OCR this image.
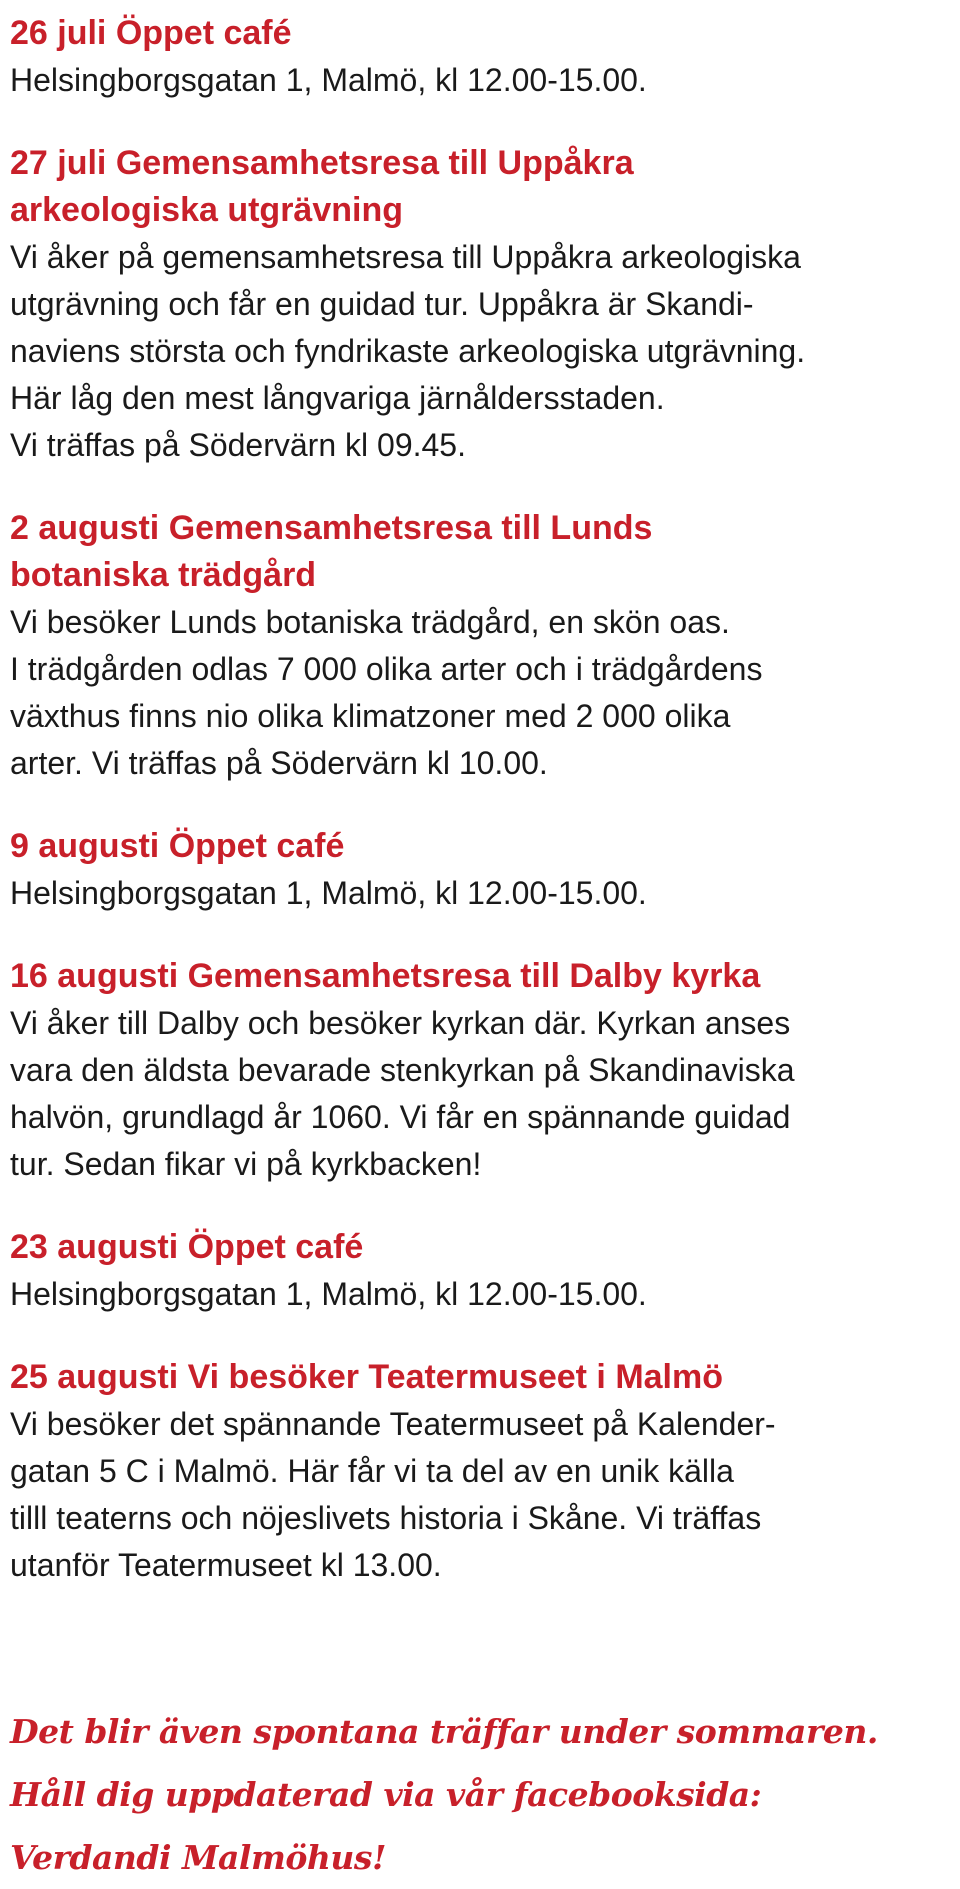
26 juli Öppet café
Helsingborgsgatan 1, Malmö, kl 12.00-15.00.
27 juli Gemensamhetsresa till Uppåkra
arkeologiska utgrävning
Vi åker på gemensamhetsresa till Uppåkra arkeologiska
utgrävning och får en guidad tur. Uppåkra är Skandi-
naviens största och fyndrikaste arkeologiska utgrävning.
Här låg den mest långvariga järnåldersstaden.
Vi träffas på Södervärn kl 09.45.
2 augusti Gemensamhetsresa till Lunds
botaniska trädgård
Vi besöker Lunds botaniska trädgård, en skön oas.
I trädgården odlas 7 000 olika arter och i trädgårdens
växthus finns nio olika klimatzoner med 2 000 olika
arter. Vi träffas på Södervärn kl 10.00.
9 augusti Öppet café
Helsingborgsgatan 1, Malmö, kl 12.00-15.00.
16 augusti Gemensamhetsresa till Dalby kyrka
Vi åker till Dalby och besöker kyrkan där. Kyrkan anses
vara den äldsta bevarade stenkyrkan på Skandinaviska
halvön, grundlagd år 1060. Vi får en spännande guidad
tur. Sedan fikar vi på kyrkbacken!
23 augusti Öppet café
Helsingborgsgatan 1, Malmö, kl 12.00-15.00.
25 augusti Vi besöker Teatermuseet i Malmö
Vi besöker det spännande Teatermuseet på Kalender-
gatan 5 C i Malmö. Här får vi ta del av en unik källa
tilll teaterns och nöjeslivets historia i Skåne. Vi träffas
utanför Teatermuseet kl 13.00.
Det blir även spontana träffar under sommaren.
Håll dig uppdaterad via vår facebooksida:
Verdandi Malmöhus!
